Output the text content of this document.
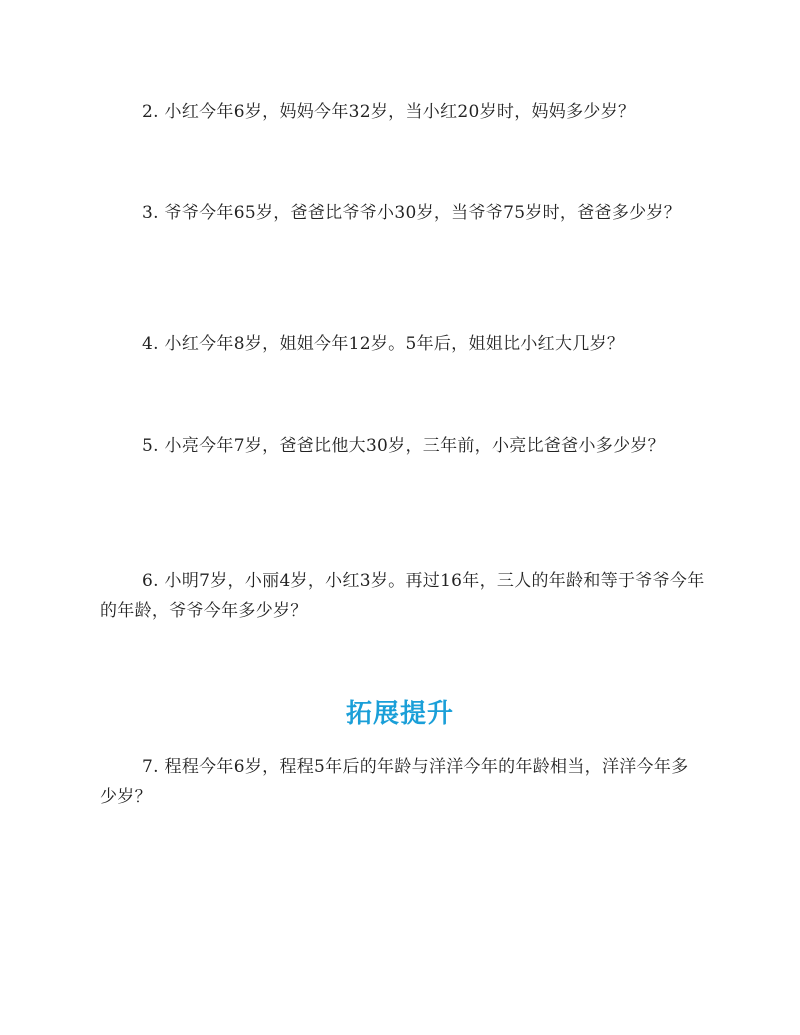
2. 小红今年6岁，妈妈今年32岁，当小红20岁时，妈妈多少岁？

3. 爷爷今年65岁，爸爸比爷爷小30岁，当爷爷75岁时，爸爸多少岁？

4. 小红今年8岁，姐姐今年12岁。5年后，姐姐比小红大几岁？

5. 小亮今年7岁，爸爸比他大30岁，三年前，小亮比爸爸小多少岁？

6. 小明7岁，小丽4岁，小红3岁。再过16年，三人的年龄和等于爷爷今年的年龄，爷爷今年多少岁？

拓展提升

7. 程程今年6岁，程程5年后的年龄与洋洋今年的年龄相当，洋洋今年多少岁？
